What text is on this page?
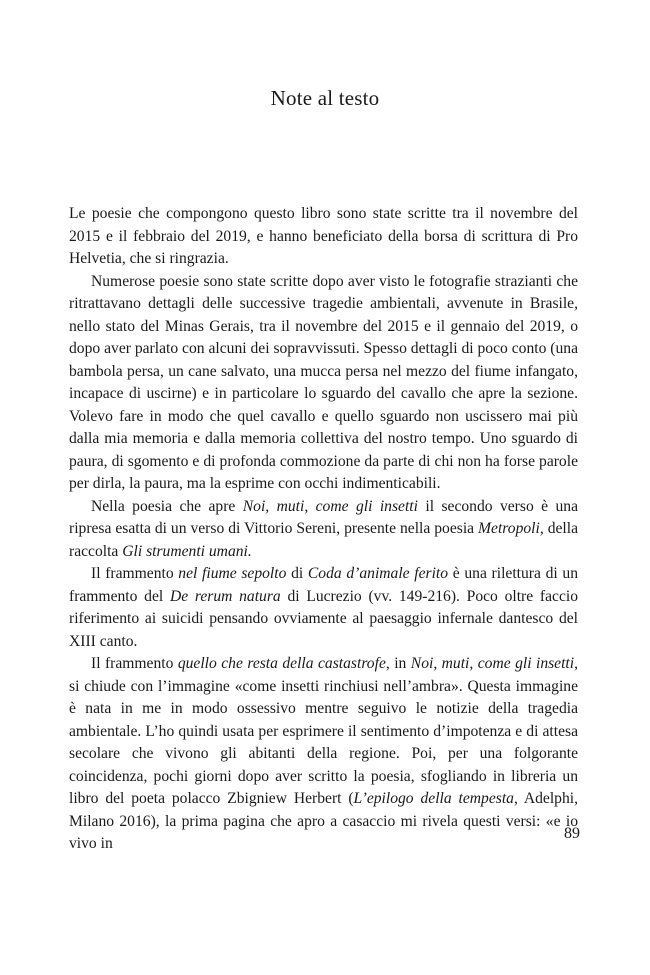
Note al testo

Le poesie che compongono questo libro sono state scritte tra il novembre del 2015 e il febbraio del 2019, e hanno beneficiato della borsa di scrittura di Pro Helvetia, che si ringrazia.

Numerose poesie sono state scritte dopo aver visto le fotografie strazianti che ritrattavano dettagli delle successive tragedie ambientali, avvenute in Brasile, nello stato del Minas Gerais, tra il novembre del 2015 e il gennaio del 2019, o dopo aver parlato con alcuni dei sopravvissuti. Spesso dettagli di poco conto (una bambola persa, un cane salvato, una mucca persa nel mezzo del fiume infangato, incapace di uscirne) e in particolare lo sguardo del cavallo che apre la sezione. Volevo fare in modo che quel cavallo e quello sguardo non uscissero mai più dalla mia memoria e dalla memoria collettiva del nostro tempo. Uno sguardo di paura, di sgomento e di profonda commozione da parte di chi non ha forse parole per dirla, la paura, ma la esprime con occhi indimenticabili.

Nella poesia che apre Noi, muti, come gli insetti il secondo verso è una ripresa esatta di un verso di Vittorio Sereni, presente nella poesia Metropoli, della raccolta Gli strumenti umani.

Il frammento nel fiume sepolto di Coda d’animale ferito è una rilettura di un frammento del De rerum natura di Lucrezio (vv. 149-216). Poco oltre faccio riferimento ai suicidi pensando ovviamente al paesaggio infernale dantesco del XIII canto.

Il frammento quello che resta della castastrofe, in Noi, muti, come gli insetti, si chiude con l’immagine «come insetti rinchiusi nell’ambra». Questa immagine è nata in me in modo ossessivo mentre seguivo le notizie della tragedia ambientale. L’ho quindi usata per esprimere il sentimento d’impotenza e di attesa secolare che vivono gli abitanti della regione. Poi, per una folgorante coincidenza, pochi giorni dopo aver scritto la poesia, sfogliando in libreria un libro del poeta polacco Zbigniew Herbert (L’epilogo della tempesta, Adelphi, Milano 2016), la prima pagina che apro a casaccio mi rivela questi versi: «e io vivo in

89
